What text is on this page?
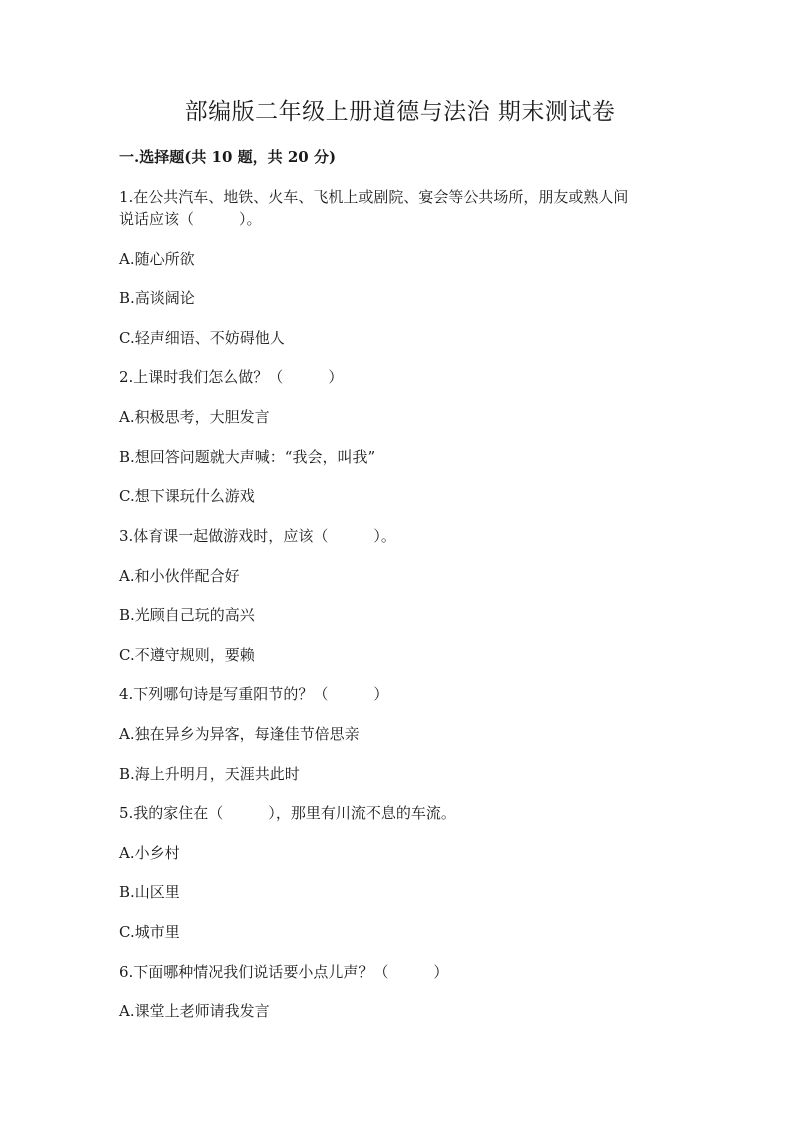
部编版二年级上册道德与法治 期末测试卷

一.选择题(共 10 题，共 20 分)

1.在公共汽车、地铁、火车、飞机上或剧院、宴会等公共场所，朋友或熟人间

说话应该（　　　）。

A.随心所欲

B.高谈阔论

C.轻声细语、不妨碍他人

2.上课时我们怎么做？（　　　）

A.积极思考，大胆发言

B.想回答问题就大声喊：“我会，叫我”

C.想下课玩什么游戏

3.体育课一起做游戏时，应该（　　　）。

A.和小伙伴配合好

B.光顾自己玩的高兴

C.不遵守规则，要赖

4.下列哪句诗是写重阳节的？（　　　）

A.独在异乡为异客，每逢佳节倍思亲

B.海上升明月，天涯共此时

5.我的家住在（　　　），那里有川流不息的车流。

A.小乡村

B.山区里

C.城市里

6.下面哪种情况我们说话要小点儿声？（　　　）

A.课堂上老师请我发言
